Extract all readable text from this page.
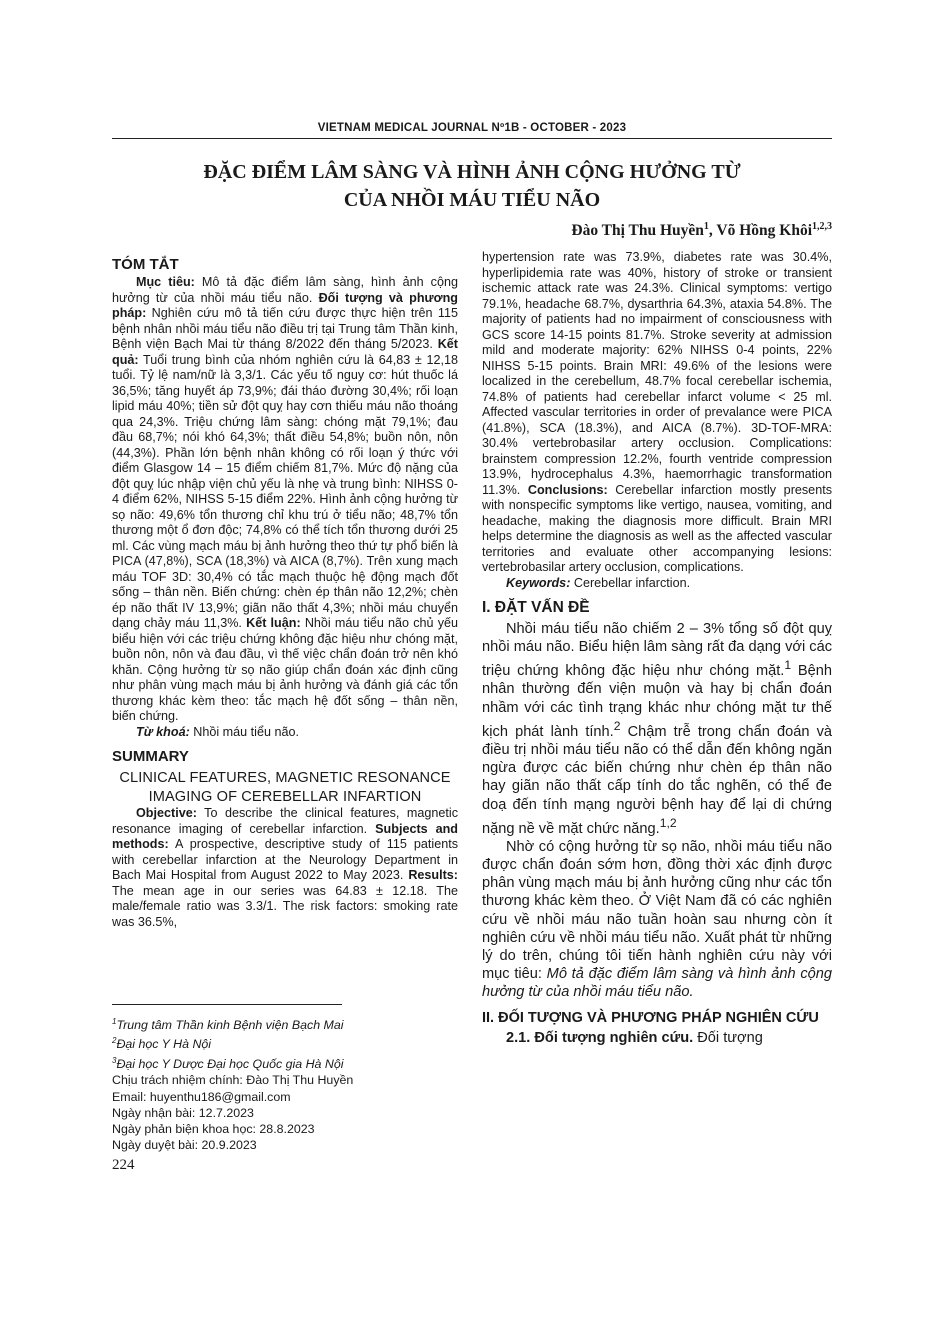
VIETNAM MEDICAL JOURNAL Nº1B - OCTOBER - 2023
ĐẶC ĐIỂM LÂM SÀNG VÀ HÌNH ẢNH CỘNG HƯỞNG TỪ
CỦA NHỒI MÁU TIỂU NÃO
Đào Thị Thu Huyền$^1$, Võ Hồng Khôi$^{1,2,3}$
TÓM TẮT

Mục tiêu: Mô tả đặc điểm lâm sàng, hình ảnh cộng hưởng từ của nhồi máu tiểu não. Đối tượng và phương pháp: Nghiên cứu mô tả tiến cứu được thực hiện trên 115 bệnh nhân nhồi máu tiểu não điều trị tại Trung tâm Thần kinh, Bệnh viện Bạch Mai từ tháng 8/2022 đến tháng 5/2023. Kết quả: Tuổi trung bình của nhóm nghiên cứu là 64,83 ± 12,18 tuổi. Tỷ lệ nam/nữ là 3,3/1. Các yếu tố nguy cơ: hút thuốc lá 36,5%; tăng huyết áp 73,9%; đái tháo đường 30,4%; rối loạn lipid máu 40%; tiền sử đột quỵ hay cơn thiếu máu não thoáng qua 24,3%. Triệu chứng lâm sàng: chóng mặt 79,1%; đau đầu 68,7%; nói khó 64,3%; thất điều 54,8%; buồn nôn, nôn (44,3%). Phần lớn bệnh nhân không có rối loạn ý thức với điểm Glasgow 14 – 15 điểm chiếm 81,7%. Mức độ nặng của đột quỵ lúc nhập viện chủ yếu là nhẹ và trung bình: NIHSS 0-4 điểm 62%, NIHSS 5-15 điểm 22%. Hình ảnh cộng hưởng từ sọ não: 49,6% tổn thương chỉ khu trú ở tiểu não; 48,7% tổn thương một ổ đơn độc; 74,8% có thể tích tổn thương dưới 25 ml. Các vùng mạch máu bị ảnh hưởng theo thứ tự phổ biến là PICA (47,8%), SCA (18,3%) và AICA (8,7%). Trên xung mạch máu TOF 3D: 30,4% có tắc mạch thuộc hệ động mạch đốt sống – thân nền. Biến chứng: chèn ép thân não 12,2%; chèn ép não thất IV 13,9%; giãn não thất 4,3%; nhồi máu chuyển dạng chảy máu 11,3%. Kết luận: Nhồi máu tiểu não chủ yếu biểu hiện với các triệu chứng không đặc hiệu như chóng mặt, buồn nôn, nôn và đau đầu, vì thế việc chẩn đoán trở nên khó khăn. Cộng hưởng từ sọ não giúp chẩn đoán xác định cũng như phân vùng mạch máu bị ảnh hưởng và đánh giá các tổn thương khác kèm theo: tắc mạch hệ đốt sống – thân nền, biến chứng.

Từ khoá: Nhồi máu tiểu não.

SUMMARY
CLINICAL FEATURES, MAGNETIC RESONANCE
IMAGING OF CEREBELLAR INFARTION

Objective: To describe the clinical features, magnetic resonance imaging of cerebellar infarction. Subjects and methods: A prospective, descriptive study of 115 patients with cerebellar infarction at the Neurology Department in Bach Mai Hospital from August 2022 to May 2023. Results: The mean age in our series was 64.83 ± 12.18. The male/female ratio was 3.3/1. The risk factors: smoking rate was 36.5%,

$^1$Trung tâm Thần kinh Bệnh viện Bạch Mai
$^2$Đại học Y Hà Nội
$^3$Đại học Y Dược Đại học Quốc gia Hà Nội
Chịu trách nhiệm chính: Đào Thị Thu Huyền
Email: huyenthu186@gmail.com
Ngày nhận bài: 12.7.2023
Ngày phản biện khoa học: 28.8.2023
Ngày duyệt bài: 20.9.2023
224

hypertension rate was 73.9%, diabetes rate was 30.4%, hyperlipidemia rate was 40%, history of stroke or transient ischemic attack rate was 24.3%. Clinical symptoms: vertigo 79.1%, headache 68.7%, dysarthria 64.3%, ataxia 54.8%. The majority of patients had no impairment of consciousness with GCS score 14-15 points 81.7%. Stroke severity at admission mild and moderate majority: 62% NIHSS 0-4 points, 22% NIHSS 5-15 points. Brain MRI: 49.6% of the lesions were localized in the cerebellum, 48.7% focal cerebellar ischemia, 74.8% of patients had cerebellar infarct volume < 25 ml. Affected vascular territories in order of prevalance were PICA (41.8%), SCA (18.3%), and AICA (8.7%). 3D-TOF-MRA: 30.4% vertebrobasilar artery occlusion. Complications: brainstem compression 12.2%, fourth ventride compression 13.9%, hydrocephalus 4.3%, haemorrhagic transformation 11.3%. Conclusions: Cerebellar infarction mostly presents with nonspecific symptoms like vertigo, nausea, vomiting, and headache, making the diagnosis more difficult. Brain MRI helps determine the diagnosis as well as the affected vascular territories and evaluate other accompanying lesions: vertebrobasilar artery occlusion, complications.

Keywords: Cerebellar infarction.

I. ĐẶT VẤN ĐỀ

Nhồi máu tiểu não chiếm 2 – 3% tổng số đột quỵ nhồi máu não. Biểu hiện lâm sàng rất đa dạng với các triệu chứng không đặc hiệu như chóng mặt.$^1$ Bệnh nhân thường đến viện muộn và hay bị chẩn đoán nhầm với các tình trạng khác như chóng mặt tư thế kịch phát lành tính.$^2$ Chậm trễ trong chẩn đoán và điều trị nhồi máu tiểu não có thể dẫn đến không ngăn ngừa được các biến chứng như chèn ép thân não hay giãn não thất cấp tính do tắc nghẽn, có thể đe doạ đến tính mạng người bệnh hay để lại di chứng nặng nề về mặt chức năng.$^{1,2}$

Nhờ có cộng hưởng từ sọ não, nhồi máu tiểu não được chẩn đoán sớm hơn, đồng thời xác định được phân vùng mạch máu bị ảnh hưởng cũng như các tổn thương khác kèm theo. Ở Việt Nam đã có các nghiên cứu về nhồi máu não tuần hoàn sau nhưng còn ít nghiên cứu về nhồi máu tiểu não. Xuất phát từ những lý do trên, chúng tôi tiến hành nghiên cứu này với mục tiêu: Mô tả đặc điểm lâm sàng và hình ảnh cộng hưởng từ của nhồi máu tiểu não.

II. ĐỐI TƯỢNG VÀ PHƯƠNG PHÁP NGHIÊN CỨU

2.1. Đối tượng nghiên cứu. Đối tượng
